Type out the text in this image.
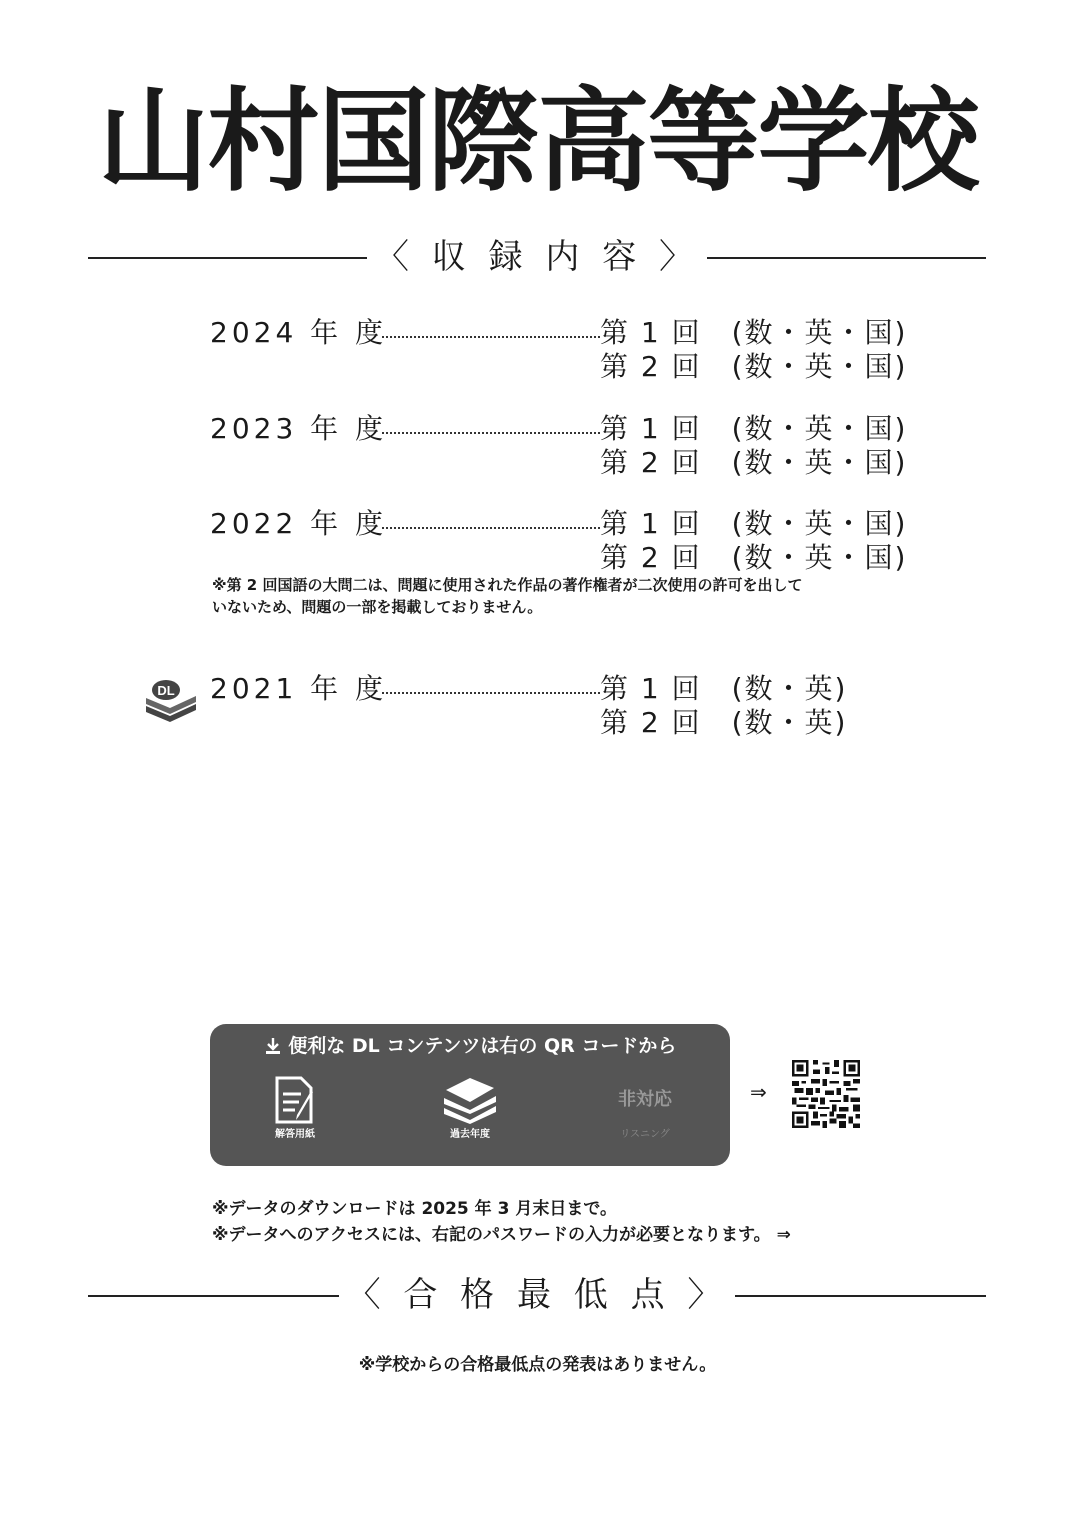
山村国際高等学校
〈 収 録 内 容 〉
2024 年 度	第 1 回　(数・英・国)
第 2 回　(数・英・国)
2023 年 度	第 1 回　(数・英・国)
第 2 回　(数・英・国)
2022 年 度	第 1 回　(数・英・国)
第 2 回　(数・英・国)
※第 2 回国語の大問二は、問題に使用された作品の著作権者が二次使用の許可を出して
いないため、問題の一部を掲載しておりません。
DL 2021 年 度	第 1 回　(数・英)
第 2 回　(数・英)
便利な DL コンテンツは右の QR コードから
解答用紙	過去年度
非対応
リスニング
⇒
※データのダウンロードは 2025 年 3 月末日まで。
※データへのアクセスには、右記のパスワードの入力が必要となります。 ⇒
〈 合 格 最 低 点 〉
※学校からの合格最低点の発表はありません。
